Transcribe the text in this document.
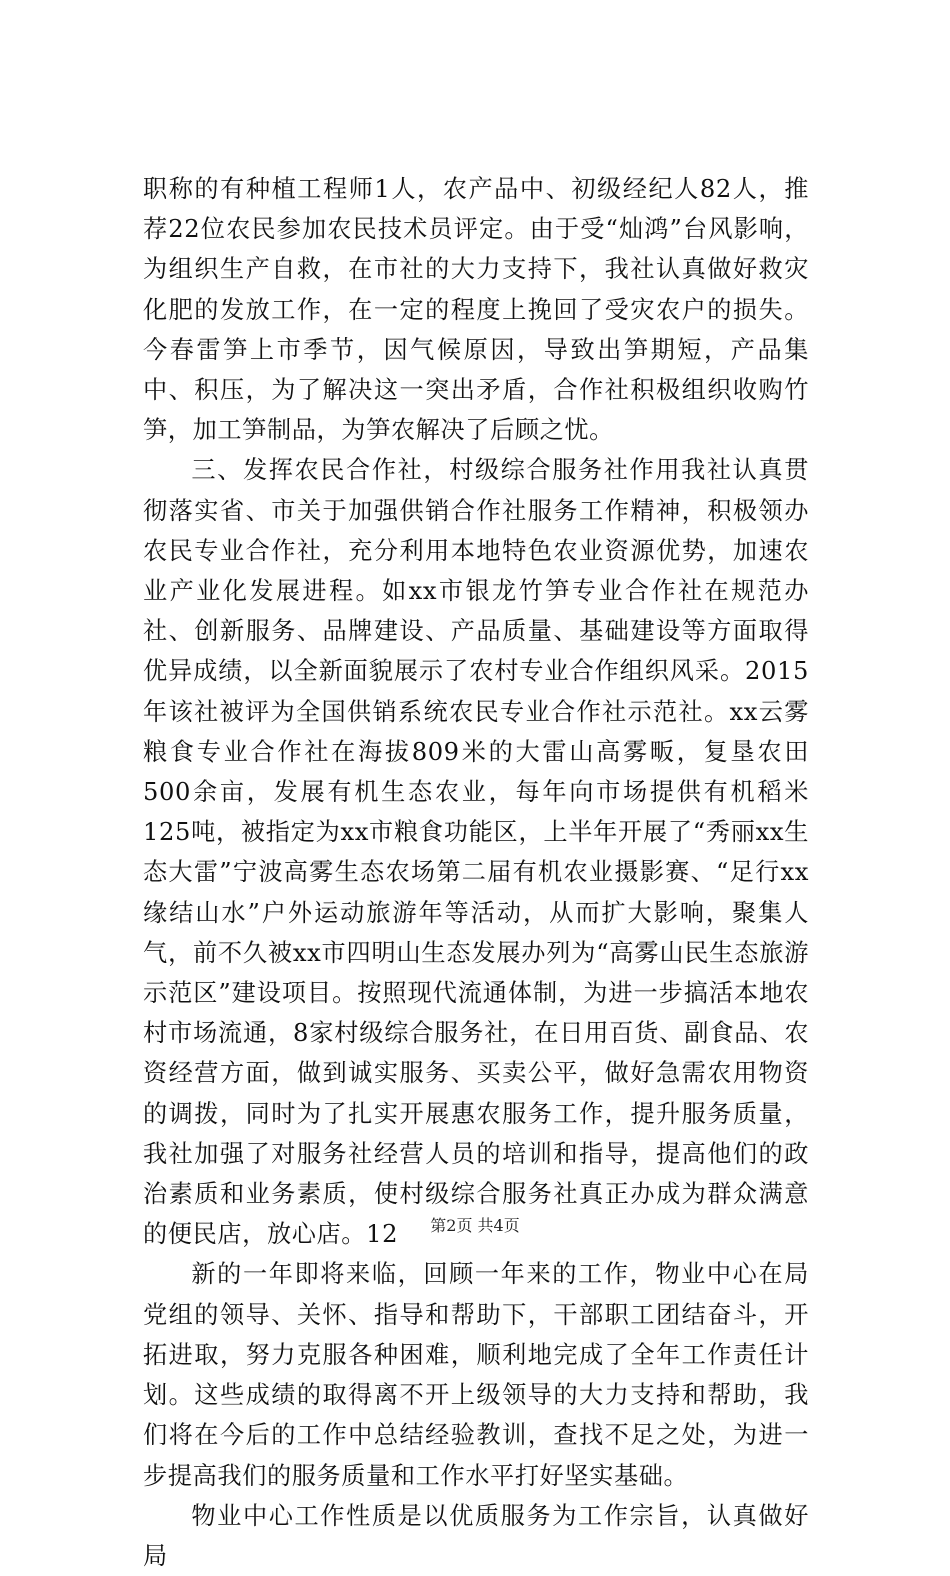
职称的有种植工程师1人，农产品中、初级经纪人82人，推荐22位农民参加农民技术员评定。由于受“灿鸿”台风影响，为组织生产自救，在市社的大力支持下，我社认真做好救灾化肥的发放工作，在一定的程度上挽回了受灾农户的损失。今春雷笋上市季节，因气候原因，导致出笋期短，产品集中、积压，为了解决这一突出矛盾，合作社积极组织收购竹笋，加工笋制品，为笋农解决了后顾之忧。

三、发挥农民合作社，村级综合服务社作用我社认真贯彻落实省、市关于加强供销合作社服务工作精神，积极领办农民专业合作社，充分利用本地特色农业资源优势，加速农业产业化发展进程。如xx市银龙竹笋专业合作社在规范办社、创新服务、品牌建设、产品质量、基础建设等方面取得优异成绩，以全新面貌展示了农村专业合作组织风采。2015年该社被评为全国供销系统农民专业合作社示范社。xx云雾粮食专业合作社在海拔809米的大雷山高雾畈，复垦农田500余亩，发展有机生态农业，每年向市场提供有机稻米125吨，被指定为xx市粮食功能区，上半年开展了“秀丽xx生态大雷”宁波高雾生态农场第二届有机农业摄影赛、“足行xx缘结山水”户外运动旅游年等活动，从而扩大影响，聚集人气，前不久被xx市四明山生态发展办列为“高雾山民生态旅游示范区”建设项目。按照现代流通体制，为进一步搞活本地农村市场流通，8家村级综合服务社，在日用百货、副食品、农资经营方面，做到诚实服务、买卖公平，做好急需农用物资的调拨，同时为了扎实开展惠农服务工作，提升服务质量，我社加强了对服务社经营人员的培训和指导，提高他们的政治素质和业务素质，使村级综合服务社真正办成为群众满意的便民店，放心店。12

新的一年即将来临，回顾一年来的工作，物业中心在局党组的领导、关怀、指导和帮助下，干部职工团结奋斗，开拓进取，努力克服各种困难，顺利地完成了全年工作责任计划。这些成绩的取得离不开上级领导的大力支持和帮助，我们将在今后的工作中总结经验教训，查找不足之处，为进一步提高我们的服务质量和工作水平打好坚实基础。

物业中心工作性质是以优质服务为工作宗旨，认真做好局

第2页 共4页
